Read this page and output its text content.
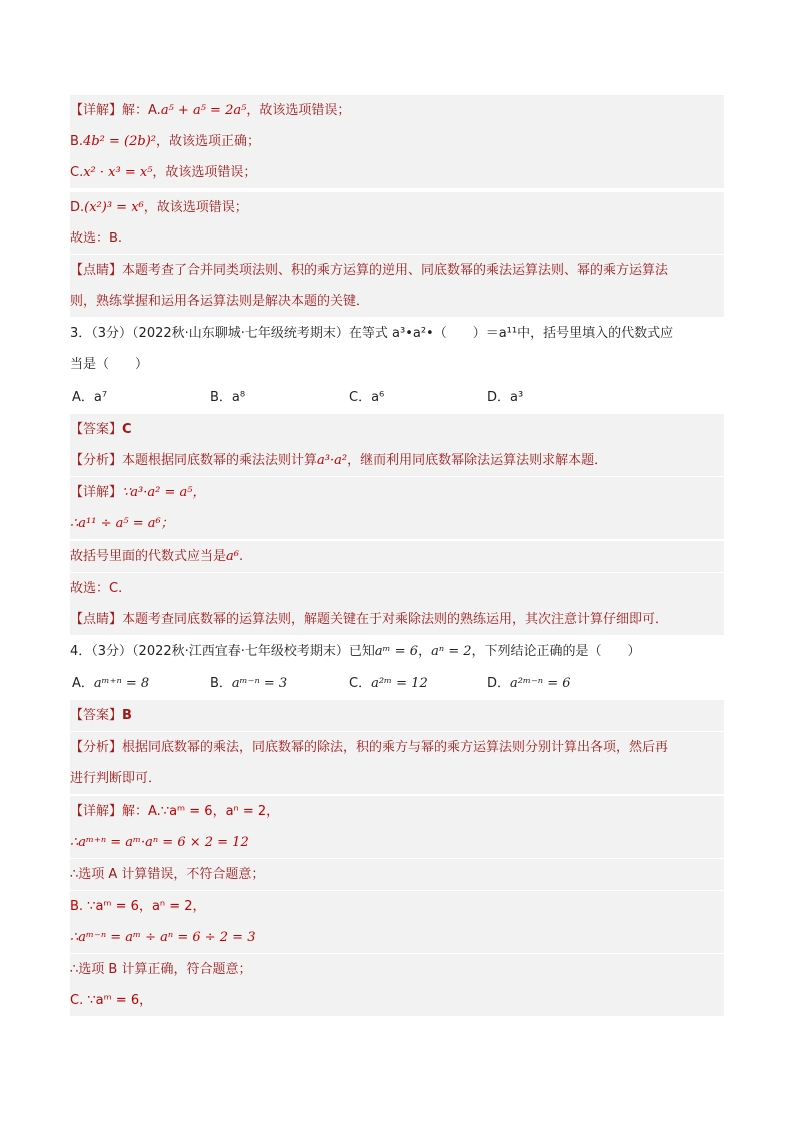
【详解】解：A.a⁵ + a⁵ = 2a⁵，故该选项错误；
B.4b² = (2b)²，故该选项正确；
C.x² · x³ = x⁵，故该选项错误；
D.(x²)³ = x⁶，故该选项错误；
故选：B.
【点睛】本题考查了合并同类项法则、积的乘方运算的逆用、同底数幂的乘法运算法则、幂的乘方运算法
则，熟练掌握和运用各运算法则是解决本题的关键．
3．（3分）（2022秋·山东聊城·七年级统考期末）在等式 a³•a²•（　　）＝a¹¹中，括号里填入的代数式应
当是（　　）
A．a⁷	B．a⁸	C．a⁶	D．a³
【答案】C
【分析】本题根据同底数幂的乘法法则计算a³·a²，继而利用同底数幂除法运算法则求解本题．
【详解】∵a³·a² = a⁵，
∴a¹¹ ÷ a⁵ = a⁶；
故括号里面的代数式应当是a⁶.
故选：C.
【点睛】本题考查同底数幂的运算法则，解题关键在于对乘除法则的熟练运用，其次注意计算仔细即可．
4．（3分）（2022秋·江西宜春·七年级校考期末）已知aᵐ = 6，aⁿ = 2，下列结论正确的是（　　）
A．aᵐ⁺ⁿ = 8	B．aᵐ⁻ⁿ = 3	C．a²ᵐ = 12	D．a²ᵐ⁻ⁿ = 6
【答案】B
【分析】根据同底数幂的乘法，同底数幂的除法，积的乘方与幂的乘方运算法则分别计算出各项，然后再
进行判断即可．
【详解】解：A.∵aᵐ = 6，aⁿ = 2，
∴aᵐ⁺ⁿ = aᵐ·aⁿ = 6 × 2 = 12
∴选项 A 计算错误，不符合题意；
B. ∵aᵐ = 6，aⁿ = 2，
∴aᵐ⁻ⁿ = aᵐ ÷ aⁿ = 6 ÷ 2 = 3
∴选项 B 计算正确，符合题意；
C. ∵aᵐ = 6，
